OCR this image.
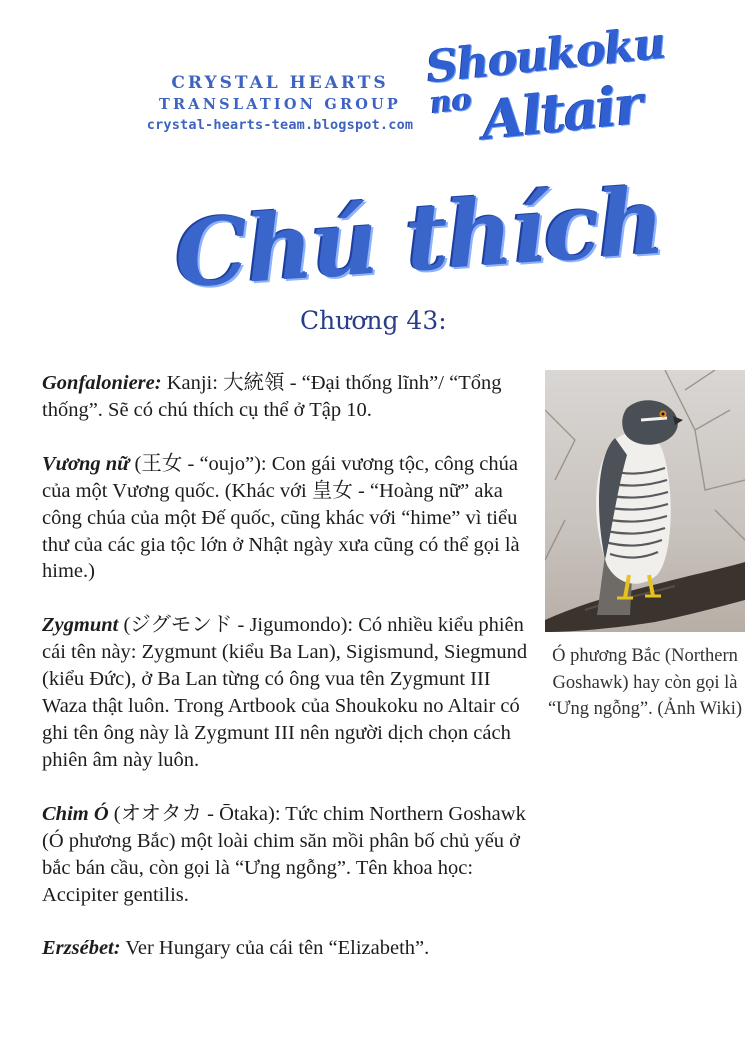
CRYSTAL HEARTS
TRANSLATION GROUP
crystal-hearts-team.blogspot.com
Shoukoku
no Altair
Chú thích
Chương 43:
Gonfaloniere: Kanji: 大統領 - “Đại thống lĩnh”/ “Tổng thống”. Sẽ có chú thích cụ thể ở Tập 10.
Vương nữ (王女 - “oujo”): Con gái vương tộc, công chúa của một Vương quốc. (Khác với 皇女 - “Hoàng nữ” aka công chúa của một Đế quốc, cũng khác với “hime” vì tiểu thư của các gia tộc lớn ở Nhật ngày xưa cũng có thể gọi là hime.)
Zygmunt (ジグモンド - Jigumondo): Có nhiều kiểu phiên cái tên này: Zygmunt (kiểu Ba Lan), Sigismund, Siegmund (kiểu Đức), ở Ba Lan từng có ông vua tên Zygmunt III Waza thật luôn. Trong Artbook của Shoukoku no Altair có ghi tên ông này là Zygmunt III nên người dịch chọn cách phiên âm này luôn.
Chim Ó (オオタカ - Ōtaka): Tức chim Northern Goshawk (Ó phương Bắc) một loài chim săn mồi phân bố chủ yếu ở bắc bán cầu, còn gọi là “Ưng ngỗng”. Tên khoa học: Accipiter gentilis.
Erzsébet: Ver Hungary của cái tên “Elizabeth”.
Ó phương Bắc (Northern Goshawk) hay còn gọi là “Ưng ngỗng”. (Ảnh Wiki)
